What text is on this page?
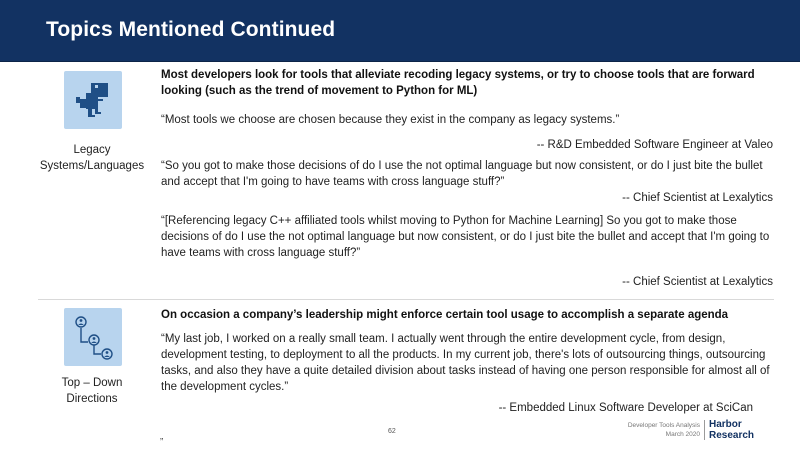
Topics Mentioned Continued
Legacy
Systems/Languages
Most developers look for tools that alleviate recoding legacy systems, or try to choose tools that are forward looking (such as the trend of movement to Python for ML)
“Most tools we choose are chosen because they exist in the company as legacy systems.”
-- R&D Embedded Software Engineer at Valeo
“So you got to make those decisions of do I use the not optimal language but now consistent, or do I just bite the bullet and accept that I'm going to have teams with cross language stuff?”
-- Chief Scientist at Lexalytics
“[Referencing legacy C++ affiliated tools whilst moving to Python for Machine Learning] So you got to make those decisions of do I use the not optimal language but now consistent, or do I just bite the bullet and accept that I'm going to have teams with cross language stuff?”
-- Chief Scientist at Lexalytics
Top – Down
Directions
On occasion a company’s leadership might enforce certain tool usage to accomplish a separate agenda
“My last job, I worked on a really small team. I actually went through the entire development cycle, from design, development testing, to deployment to all the products. In my current job, there's lots of outsourcing things, outsourcing tasks, and also they have a quite detailed division about tasks instead of having one person responsible for almost all of the development cycles.”
-- Embedded Linux Software Developer at SciCan
„	62
Developer Tools Analysis
March 2020
Harbor
Research
